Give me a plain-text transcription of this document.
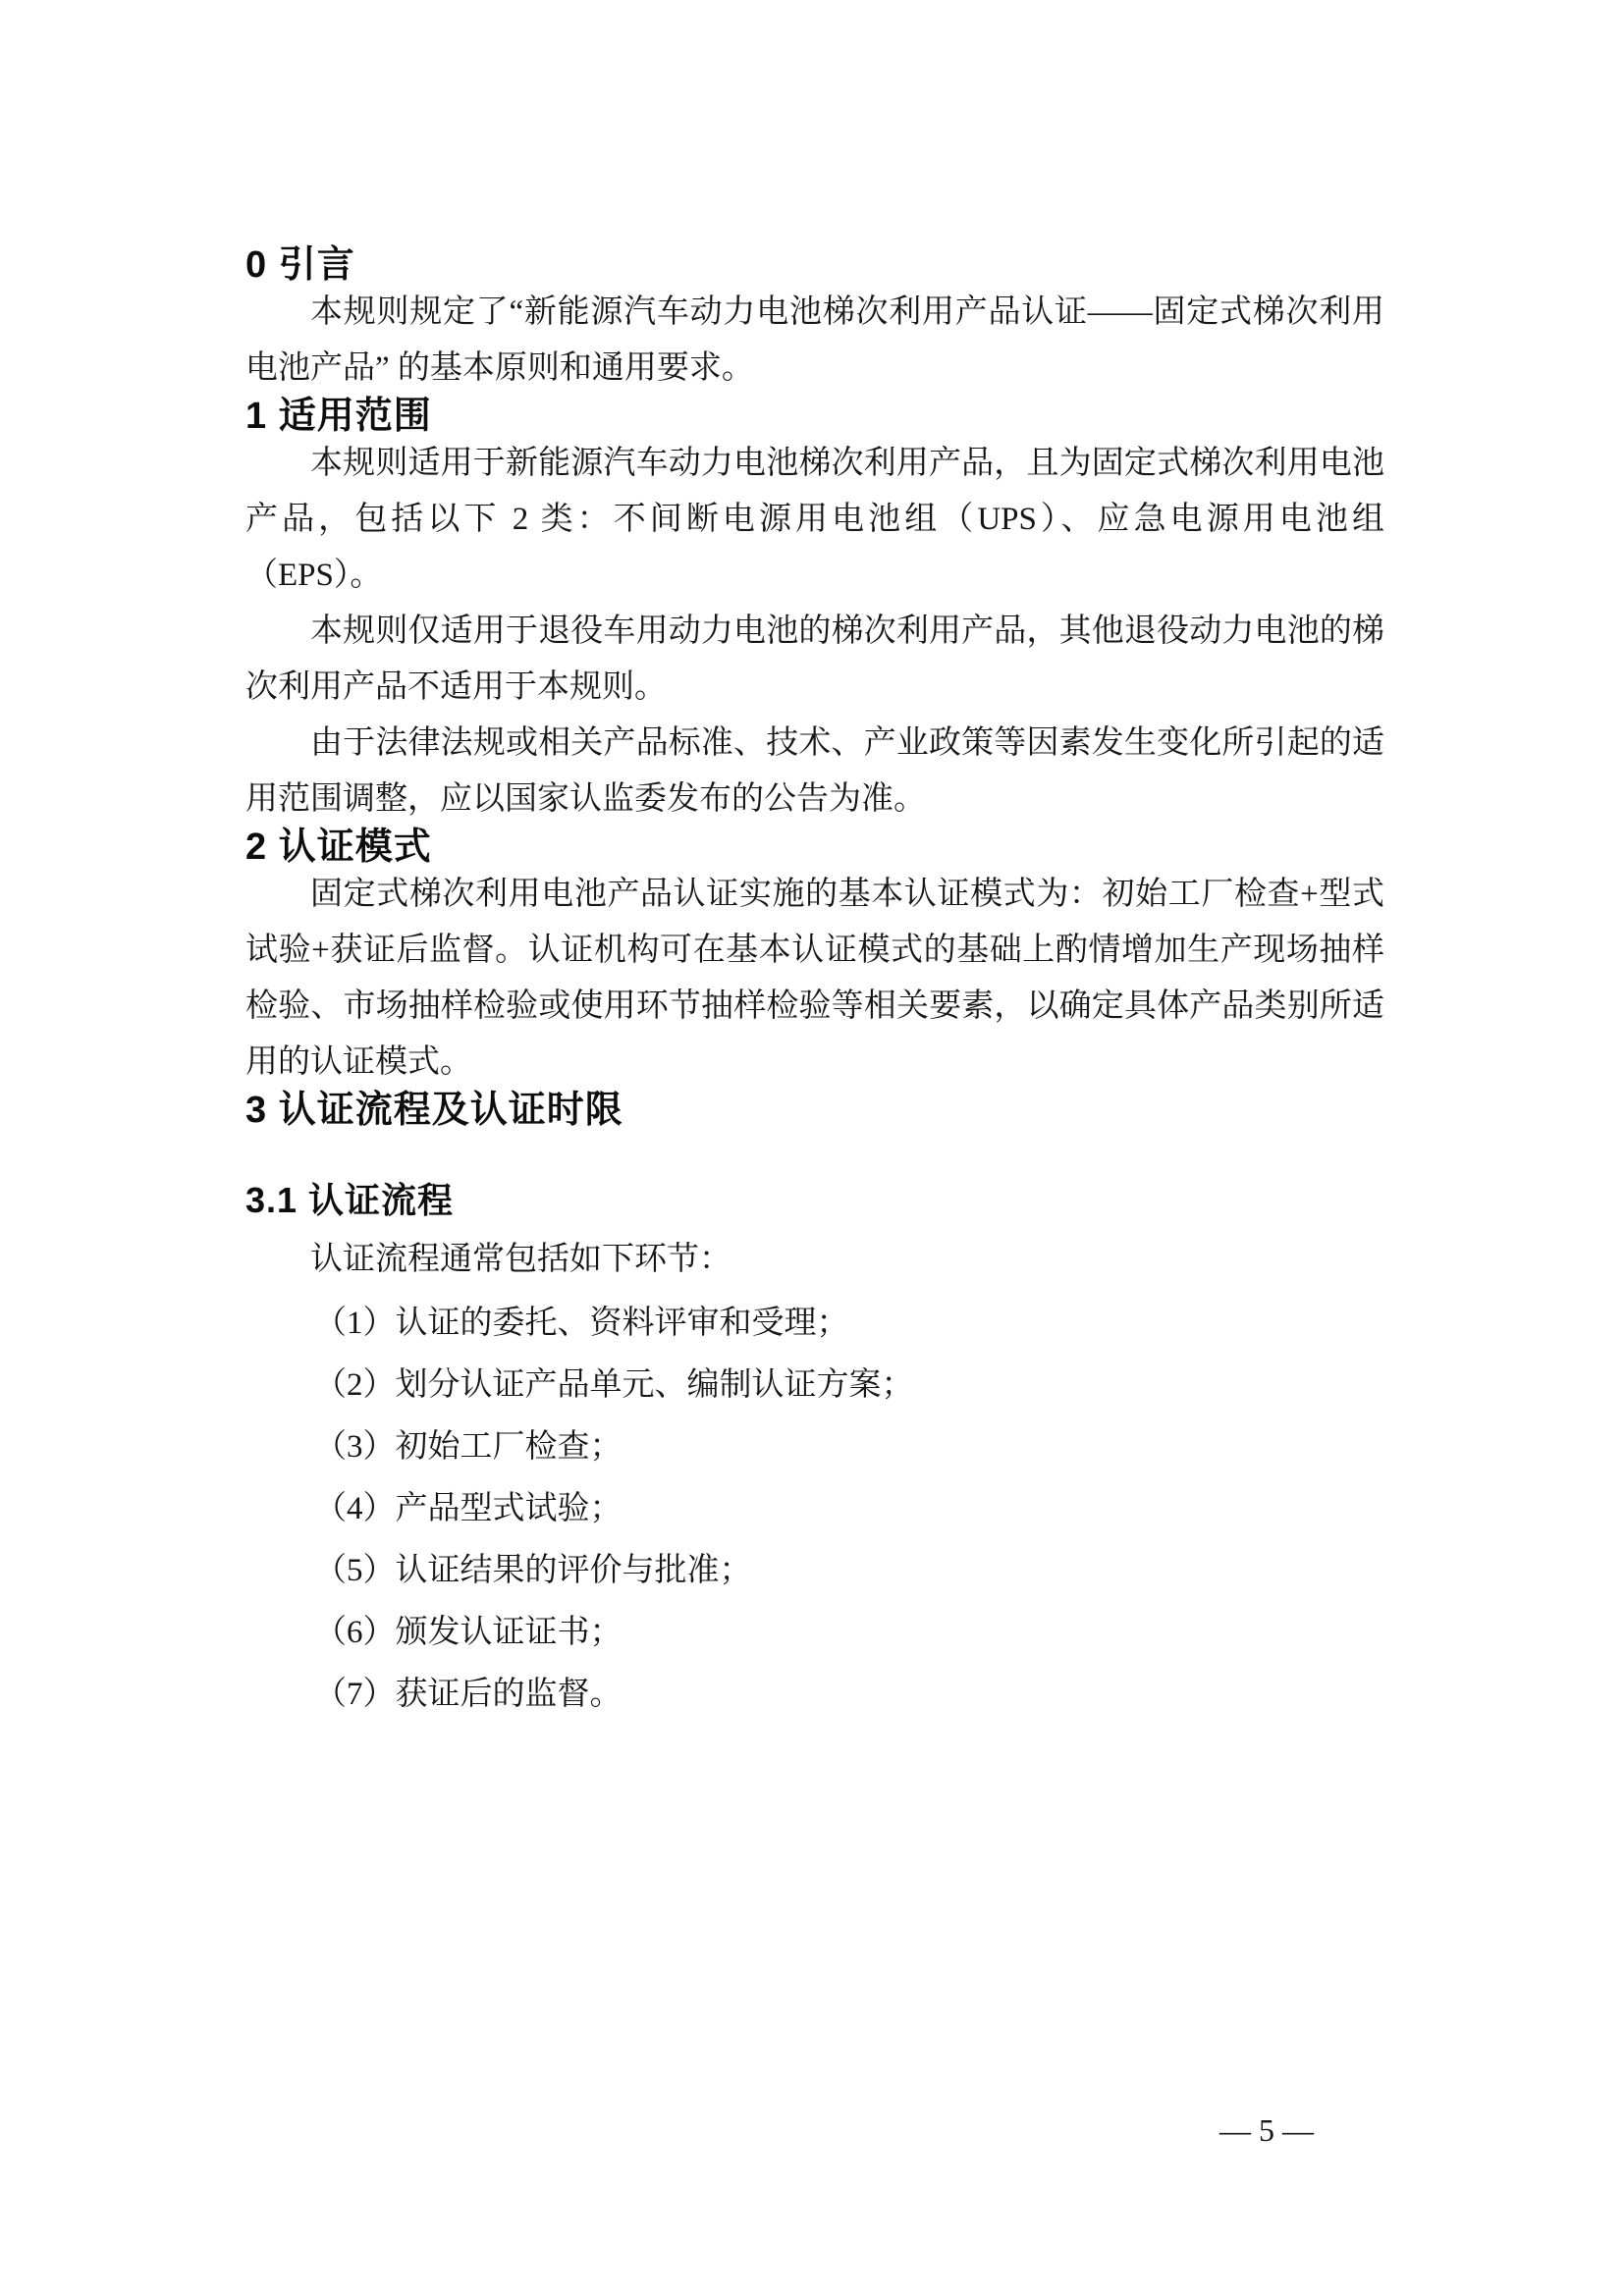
0 引言

本规则规定了“新能源汽车动力电池梯次利用产品认证——固定式梯次利用电池产品” 的基本原则和通用要求。

1 适用范围

本规则适用于新能源汽车动力电池梯次利用产品，且为固定式梯次利用电池产品，包括以下 2 类：不间断电源用电池组（UPS）、应急电源用电池组（EPS）。

本规则仅适用于退役车用动力电池的梯次利用产品，其他退役动力电池的梯次利用产品不适用于本规则。

由于法律法规或相关产品标准、技术、产业政策等因素发生变化所引起的适用范围调整，应以国家认监委发布的公告为准。

2 认证模式

固定式梯次利用电池产品认证实施的基本认证模式为：初始工厂检查+型式试验+获证后监督。认证机构可在基本认证模式的基础上酌情增加生产现场抽样检验、市场抽样检验或使用环节抽样检验等相关要素，以确定具体产品类别所适用的认证模式。

3 认证流程及认证时限
3.1 认证流程

认证流程通常包括如下环节：

（1）认证的委托、资料评审和受理；
（2）划分认证产品单元、编制认证方案；
（3）初始工厂检查；
（4）产品型式试验；
（5）认证结果的评价与批准；
（6）颁发认证证书；
（7）获证后的监督。
— 5 —
